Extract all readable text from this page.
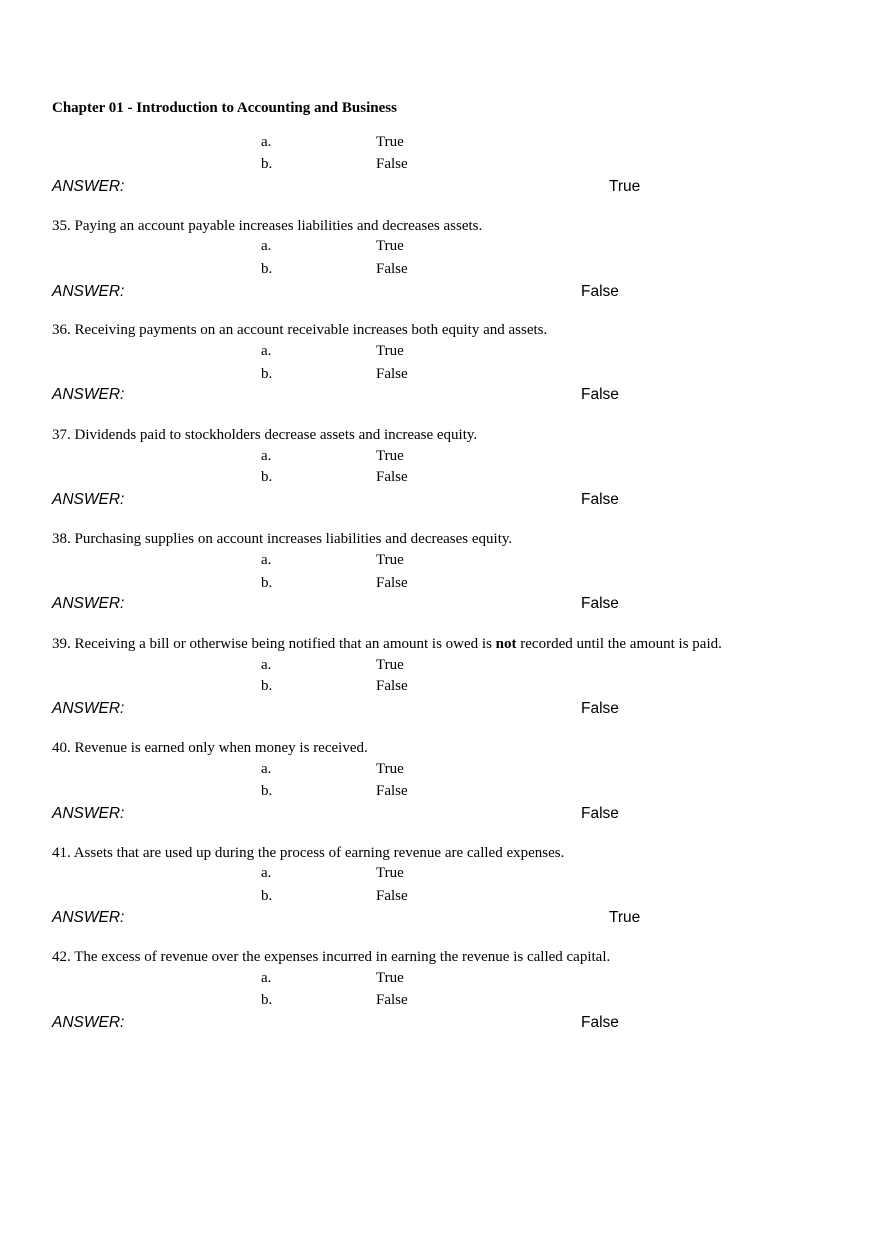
Chapter 01 - Introduction to Accounting and Business
a.	True
b.	False
ANSWER:	True
35. Paying an account payable increases liabilities and decreases assets.
a.	True
b.	False
ANSWER:	False
36. Receiving payments on an account receivable increases both equity and assets.
a.	True
b.	False
ANSWER:	False
37. Dividends paid to stockholders decrease assets and increase equity.
a.	True
b.	False
ANSWER:	False
38. Purchasing supplies on account increases liabilities and decreases equity.
a.	True
b.	False
ANSWER:	False
39. Receiving a bill or otherwise being notified that an amount is owed is not recorded until the amount is paid.
a.	True
b.	False
ANSWER:	False
40. Revenue is earned only when money is received.
a.	True
b.	False
ANSWER:	False
41. Assets that are used up during the process of earning revenue are called expenses.
a.	True
b.	False
ANSWER:	True
42. The excess of revenue over the expenses incurred in earning the revenue is called capital.
a.	True
b.	False
ANSWER:	False
